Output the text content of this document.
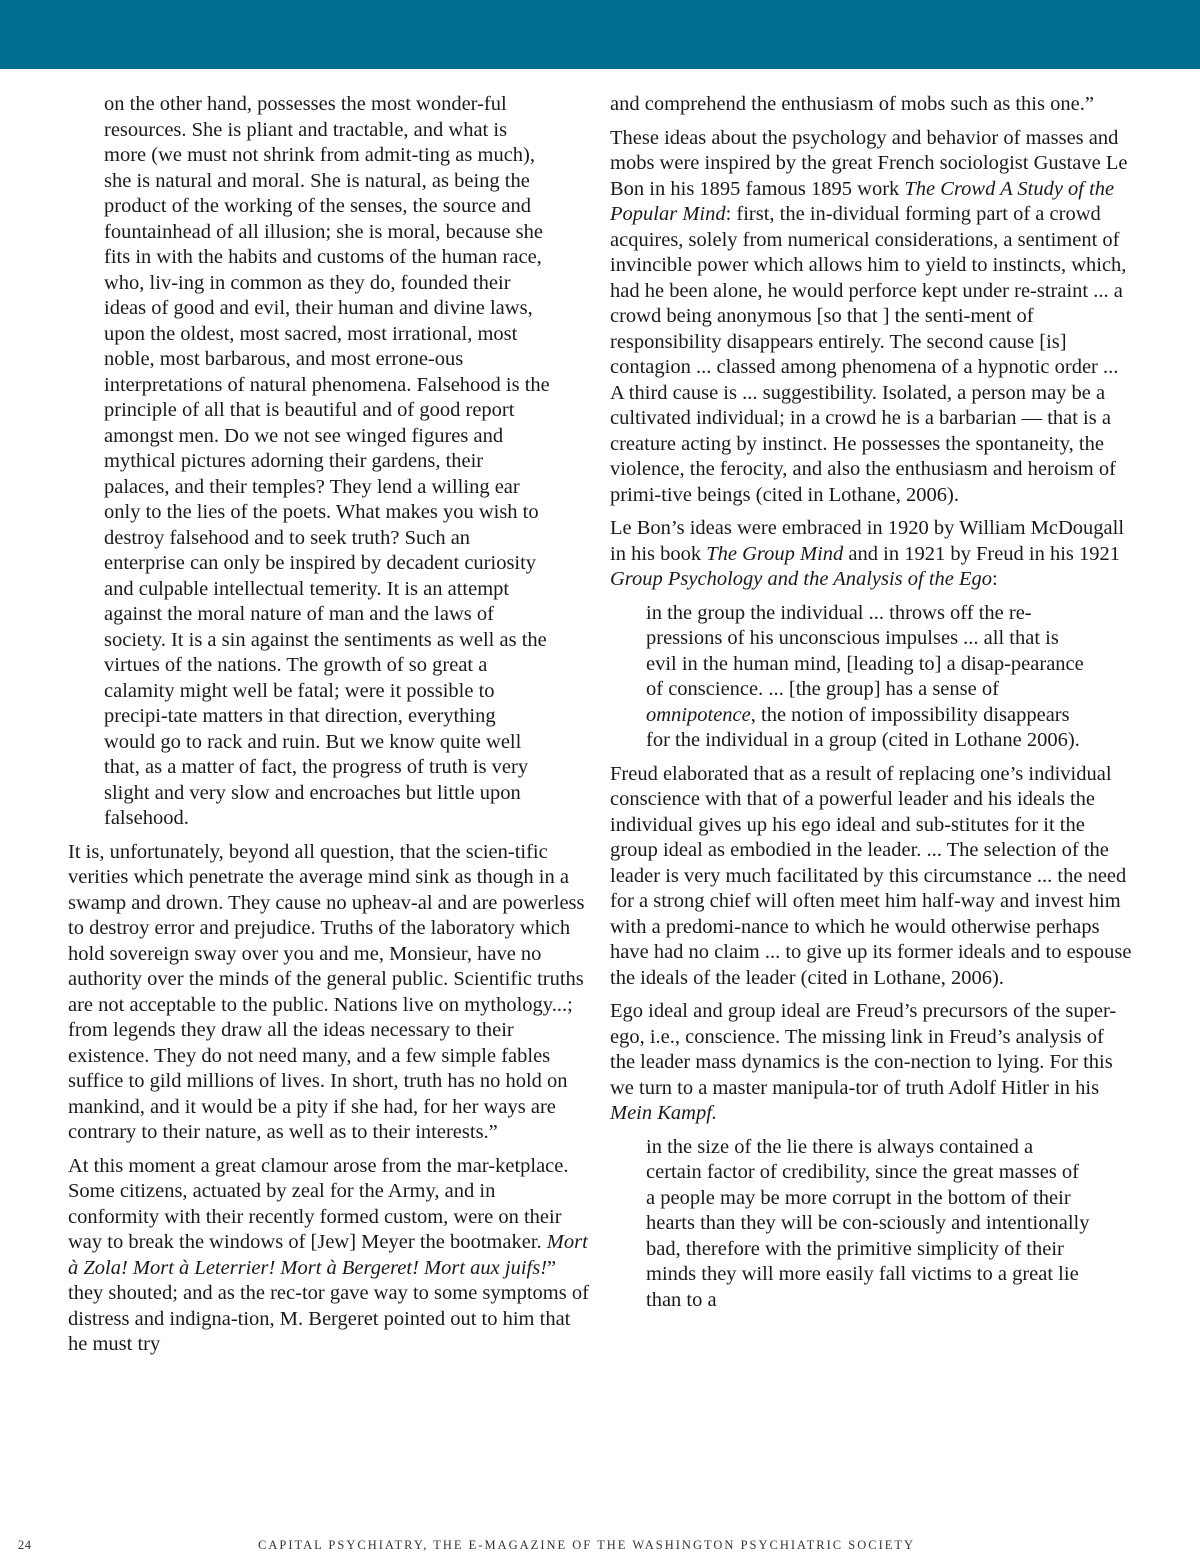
on the other hand, possesses the most wonder-ful resources. She is pliant and tractable, and what is more (we must not shrink from admit-ting as much), she is natural and moral. She is natural, as being the product of the working of the senses, the source and fountainhead of all illusion; she is moral, because she fits in with the habits and customs of the human race, who, liv-ing in common as they do, founded their ideas of good and evil, their human and divine laws, upon the oldest, most sacred, most irrational, most noble, most barbarous, and most errone-ous interpretations of natural phenomena. Falsehood is the principle of all that is beautiful and of good report amongst men. Do we not see winged figures and mythical pictures adorning their gardens, their palaces, and their temples? They lend a willing ear only to the lies of the poets. What makes you wish to destroy falsehood and to seek truth? Such an enterprise can only be inspired by decadent curiosity and culpable intellectual temerity. It is an attempt against the moral nature of man and the laws of society. It is a sin against the sentiments as well as the virtues of the nations. The growth of so great a calamity might well be fatal; were it possible to precipi-tate matters in that direction, everything would go to rack and ruin. But we know quite well that, as a matter of fact, the progress of truth is very slight and very slow and encroaches but little upon falsehood.

It is, unfortunately, beyond all question, that the scien-tific verities which penetrate the average mind sink as though in a swamp and drown. They cause no upheav-al and are powerless to destroy error and prejudice. Truths of the laboratory which hold sovereign sway over you and me, Monsieur, have no authority over the minds of the general public. Scientific truths are not acceptable to the public. Nations live on mythology...; from legends they draw all the ideas necessary to their existence. They do not need many, and a few simple fables suffice to gild millions of lives. In short, truth has no hold on mankind, and it would be a pity if she had, for her ways are contrary to their nature, as well as to their interests.”

At this moment a great clamour arose from the mar-ketplace. Some citizens, actuated by zeal for the Army, and in conformity with their recently formed custom, were on their way to break the windows of [Jew] Meyer the bootmaker. Mort à Zola! Mort à Leterrier! Mort à Bergeret! Mort aux juifs!” they shouted; and as the rec-tor gave way to some symptoms of distress and indigna-tion, M. Bergeret pointed out to him that he must try

and comprehend the enthusiasm of mobs such as this one.”

These ideas about the psychology and behavior of masses and mobs were inspired by the great French sociologist Gustave Le Bon in his 1895 famous 1895 work The Crowd A Study of the Popular Mind: first, the in-dividual forming part of a crowd acquires, solely from numerical considerations, a sentiment of invincible power which allows him to yield to instincts, which, had he been alone, he would perforce kept under re-straint ... a crowd being anonymous [so that ] the senti-ment of responsibility disappears entirely. The second cause [is] contagion ... classed among phenomena of a hypnotic order ... A third cause is ... suggestibility. Isolated, a person may be a cultivated individual; in a crowd he is a barbarian — that is a creature acting by instinct. He possesses the spontaneity, the violence, the ferocity, and also the enthusiasm and heroism of primi-tive beings (cited in Lothane, 2006).

Le Bon’s ideas were embraced in 1920 by William McDougall in his book The Group Mind and in 1921 by Freud in his 1921 Group Psychology and the Analysis of the Ego:

in the group the individual ... throws off the re-pressions of his unconscious impulses ... all that is evil in the human mind, [leading to] a disap-pearance of conscience. ... [the group] has a sense of omnipotence, the notion of impossibility disappears for the individual in a group (cited in Lothane 2006).

Freud elaborated that as a result of replacing one’s individual conscience with that of a powerful leader and his ideals the individual gives up his ego ideal and sub-stitutes for it the group ideal as embodied in the leader. ... The selection of the leader is very much facilitated by this circumstance ... the need for a strong chief will often meet him half-way and invest him with a predomi-nance to which he would otherwise perhaps have had no claim ... to give up its former ideals and to espouse the ideals of the leader (cited in Lothane, 2006).

Ego ideal and group ideal are Freud’s precursors of the super-ego, i.e., conscience. The missing link in Freud’s analysis of the leader mass dynamics is the con-nection to lying. For this we turn to a master manipula-tor of truth Adolf Hitler in his Mein Kampf.

in the size of the lie there is always contained a certain factor of credibility, since the great masses of a people may be more corrupt in the bottom of their hearts than they will be con-sciously and intentionally bad, therefore with the primitive simplicity of their minds they will more easily fall victims to a great lie than to a

24	CAPITAL PSYCHIATRY, THE E-MAGAZINE OF THE WASHINGTON PSYCHIATRIC SOCIETY
